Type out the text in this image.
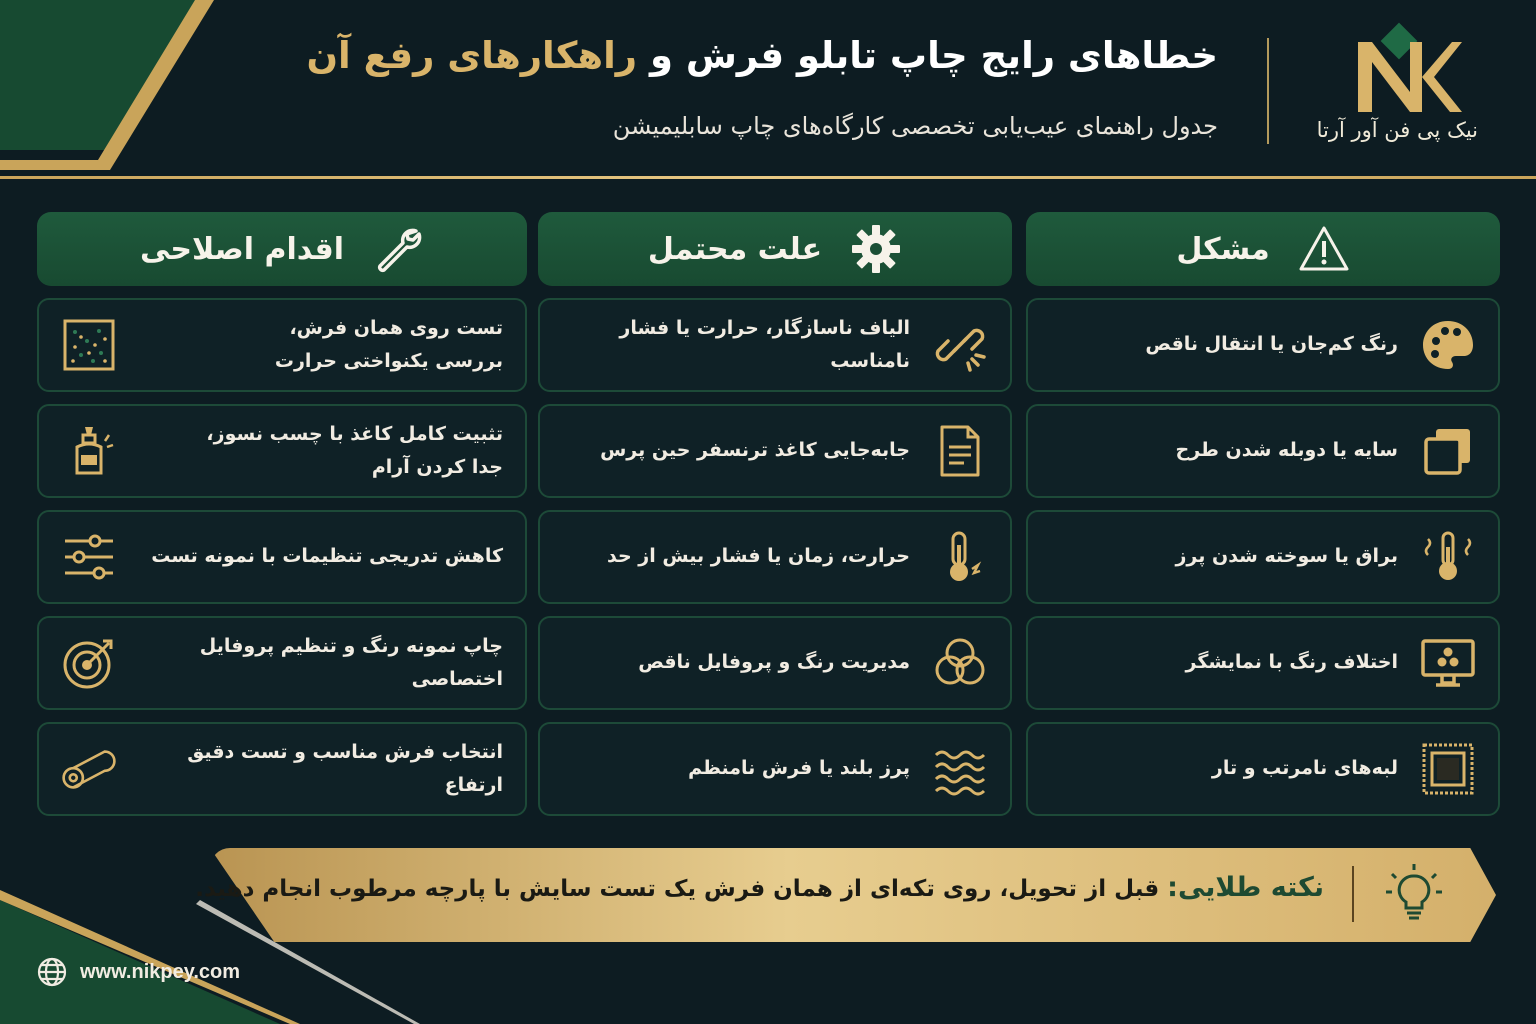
خطاهای رایج چاپ تابلو فرش و راهکارهای رفع آن
جدول راهنمای عیب‌یابی تخصصی کارگاه‌های چاپ سابلیمیشن	نیک پی فن آور آرتا
مشکل
علت محتمل
اقدام اصلاحی
رنگ کم‌جان یا انتقال ناقص
الیاف ناسازگار، حرارت یا فشار نامناسب
تست روی همان فرش،
بررسی یکنواختی حرارت
سایه یا دوبله شدن طرح
جابه‌جایی کاغذ ترنسفر حین پرس
تثبیت کامل کاغذ با چسب نسوز،
جدا کردن آرام
براق یا سوخته شدن پرز
حرارت، زمان یا فشار بیش از حد
کاهش تدریجی تنظیمات با نمونه تست
اختلاف رنگ با نمایشگر
مدیریت رنگ و پروفایل ناقص
چاپ نمونه رنگ و تنظیم پروفایل
اختصاصی
لبه‌های نامرتب و تار
پرز بلند یا فرش نامنظم
انتخاب فرش مناسب و تست دقیق ارتفاع
نکته طلایی: قبل از تحویل، روی تکه‌ای از همان فرش یک تست سایش با پارچه مرطوب انجام دهید.
www.nikpey.com
